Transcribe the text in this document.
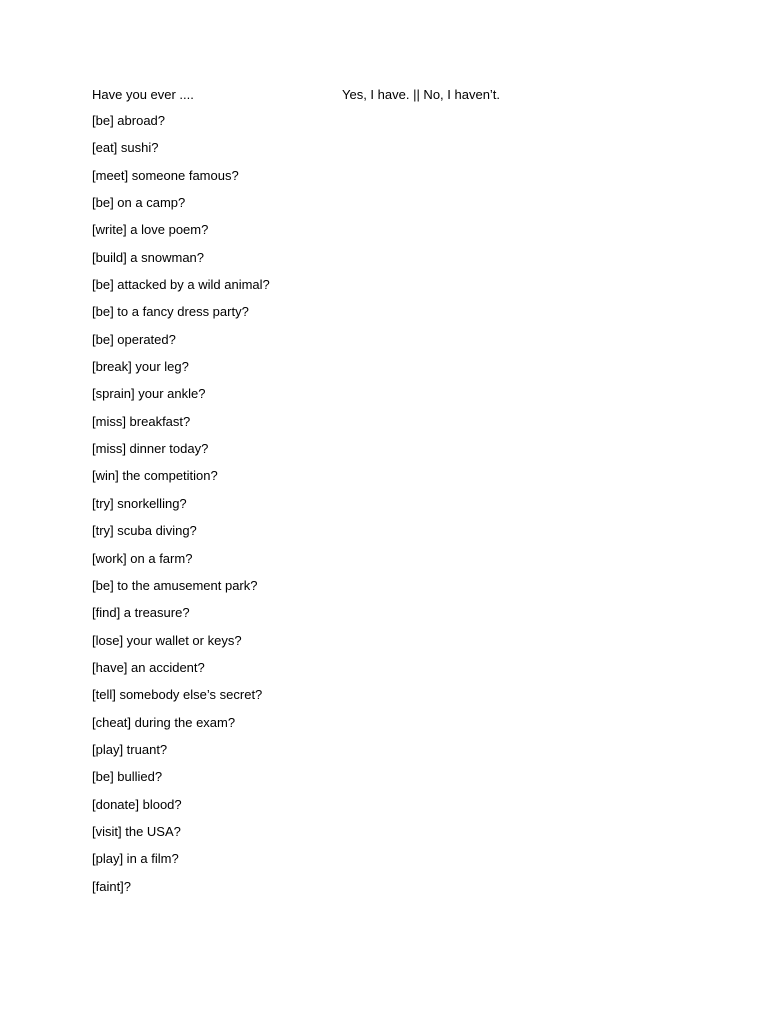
Have you ever ....	Yes, I have. || No, I haven’t.
[be] abroad?
[eat] sushi?
[meet] someone famous?
[be] on a camp?
[write] a love poem?
[build] a snowman?
[be] attacked by a wild animal?
[be] to a fancy dress party?
[be] operated?
[break] your leg?
[sprain] your ankle?
[miss] breakfast?
[miss] dinner today?
[win] the competition?
[try] snorkelling?
[try] scuba diving?
[work] on a farm?
[be] to the amusement park?
[find] a treasure?
[lose] your wallet or keys?
[have] an accident?
[tell] somebody else’s secret?
[cheat] during the exam?
[play] truant?
[be] bullied?
[donate] blood?
[visit] the USA?
[play] in a film?
[faint]?
